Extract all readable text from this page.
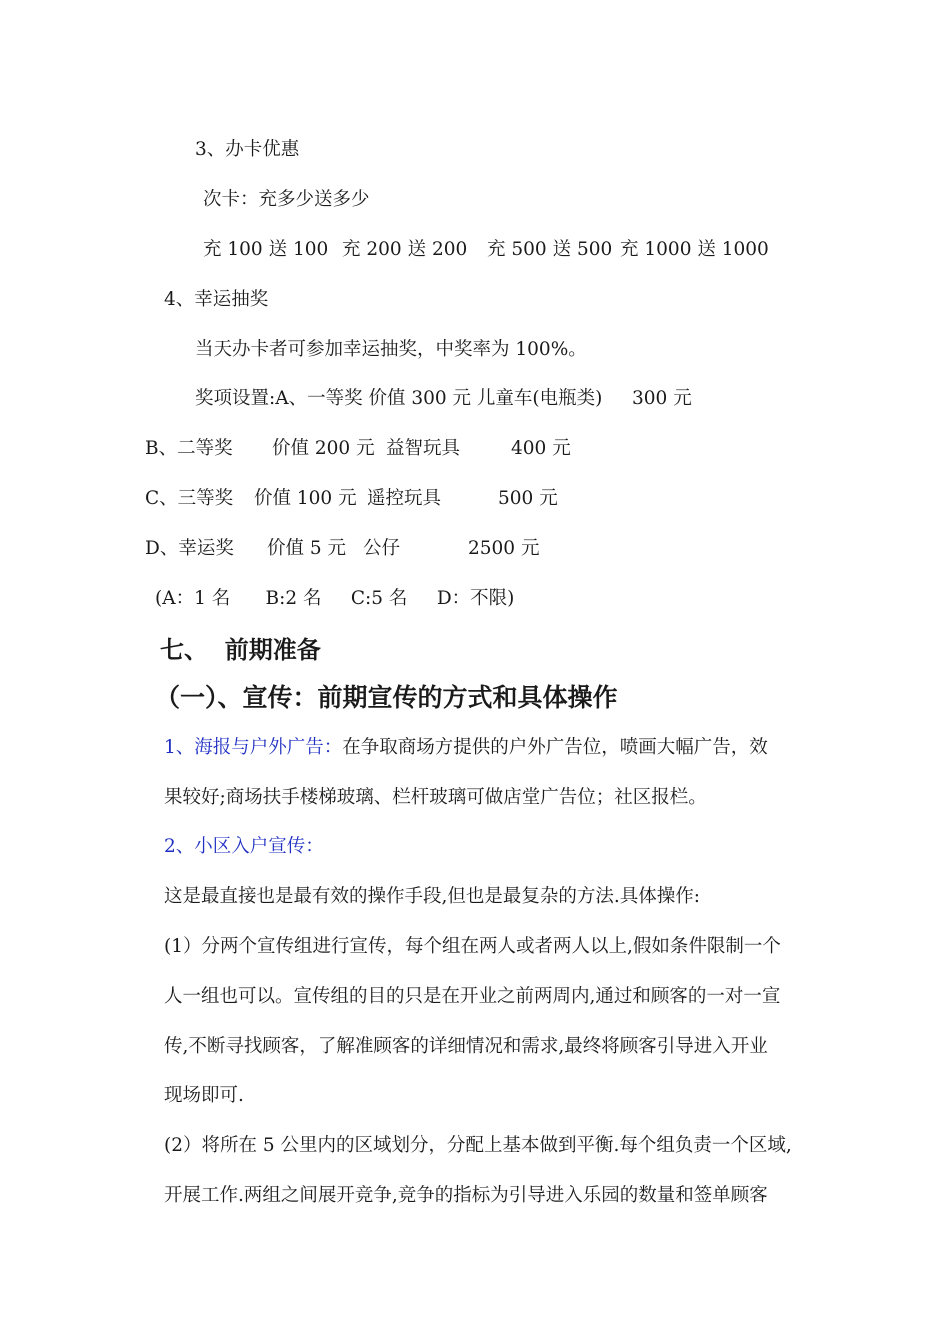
3、办卡优惠
次卡：充多少送多少
充 100 送 100 充 200 送 200 充 500 送 500 充 1000 送 1000
4、幸运抽奖
当天办卡者可参加幸运抽奖，中奖率为 100%。
奖项设置:A、一等奖 价值 300 元 儿童车(电瓶类) 300 元
B、二等奖 价值 200 元 益智玩具	400 元
C、三等奖 价值 100 元 遥控玩具	500 元
D、幸运奖 价值 5 元 公仔	2500 元
(A：1 名      B:2 名     C:5 名     D：不限)
七、  前期准备
（一）、宣传：前期宣传的方式和具体操作
1、海报与户外广告：在争取商场方提供的户外广告位，喷画大幅广告，效
果较好;商场扶手楼梯玻璃、栏杆玻璃可做店堂广告位；社区报栏。
2、小区入户宣传：
这是最直接也是最有效的操作手段,但也是最复杂的方法.具体操作:
(1）分两个宣传组进行宣传，每个组在两人或者两人以上,假如条件限制一个
人一组也可以。宣传组的目的只是在开业之前两周内,通过和顾客的一对一宣
传,不断寻找顾客，了解准顾客的详细情况和需求,最终将顾客引导进入开业
现场即可.
(2）将所在 5 公里内的区域划分，分配上基本做到平衡.每个组负责一个区域,
开展工作.两组之间展开竞争,竞争的指标为引导进入乐园的数量和签单顾客
